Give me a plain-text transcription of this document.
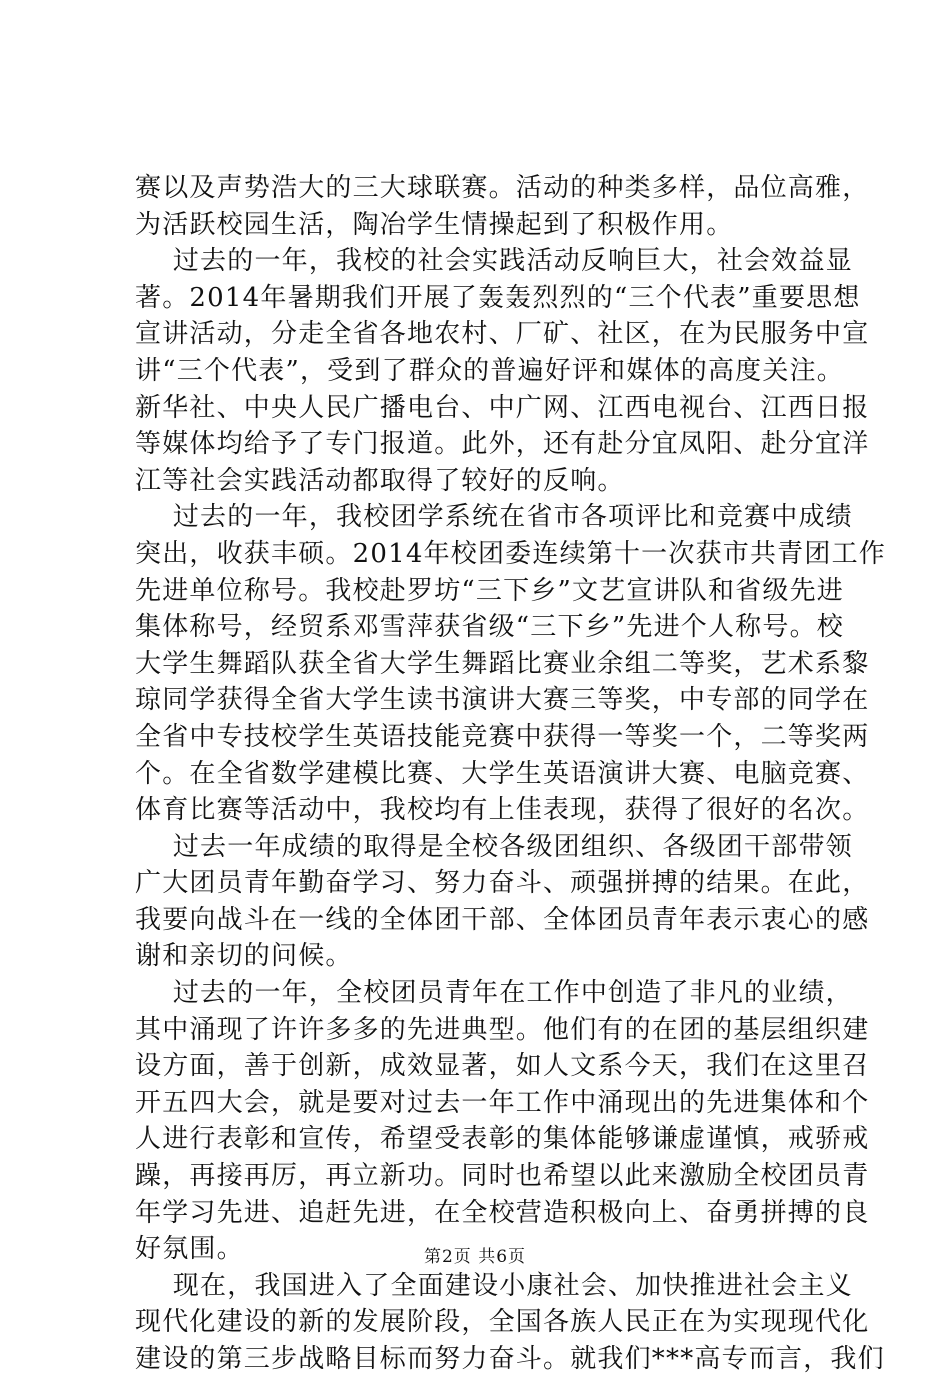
赛以及声势浩大的三大球联赛。活动的种类多样，品位高雅，
为活跃校园生活，陶冶学生情操起到了积极作用。
过去的一年，我校的社会实践活动反响巨大，社会效益显
著。2014年暑期我们开展了轰轰烈烈的“三个代表”重要思想
宣讲活动，分走全省各地农村、厂矿、社区，在为民服务中宣
讲“三个代表”，受到了群众的普遍好评和媒体的高度关注。
新华社、中央人民广播电台、中广网、江西电视台、江西日报
等媒体均给予了专门报道。此外，还有赴分宜凤阳、赴分宜洋
江等社会实践活动都取得了较好的反响。
过去的一年，我校团学系统在省市各项评比和竞赛中成绩
突出，收获丰硕。2014年校团委连续第十一次获市共青团工作
先进单位称号。我校赴罗坊“三下乡”文艺宣讲队和省级先进
集体称号，经贸系邓雪萍获省级“三下乡”先进个人称号。校
大学生舞蹈队获全省大学生舞蹈比赛业余组二等奖，艺术系黎
琼同学获得全省大学生读书演讲大赛三等奖，中专部的同学在
全省中专技校学生英语技能竞赛中获得一等奖一个，二等奖两
个。在全省数学建模比赛、大学生英语演讲大赛、电脑竞赛、
体育比赛等活动中，我校均有上佳表现，获得了很好的名次。
过去一年成绩的取得是全校各级团组织、各级团干部带领
广大团员青年勤奋学习、努力奋斗、顽强拼搏的结果。在此，
我要向战斗在一线的全体团干部、全体团员青年表示衷心的感
谢和亲切的问候。
过去的一年，全校团员青年在工作中创造了非凡的业绩，
其中涌现了许许多多的先进典型。他们有的在团的基层组织建
设方面，善于创新，成效显著，如人文系今天，我们在这里召
开五四大会，就是要对过去一年工作中涌现出的先进集体和个
人进行表彰和宣传，希望受表彰的集体能够谦虚谨慎，戒骄戒
躁，再接再厉，再立新功。同时也希望以此来激励全校团员青
年学习先进、追赶先进，在全校营造积极向上、奋勇拼搏的良
好氛围。
现在，我国进入了全面建设小康社会、加快推进社会主义
现代化建设的新的发展阶段，全国各族人民正在为实现现代化
建设的第三步战略目标而努力奋斗。就我们***高专而言，我们
第2页 共6页
